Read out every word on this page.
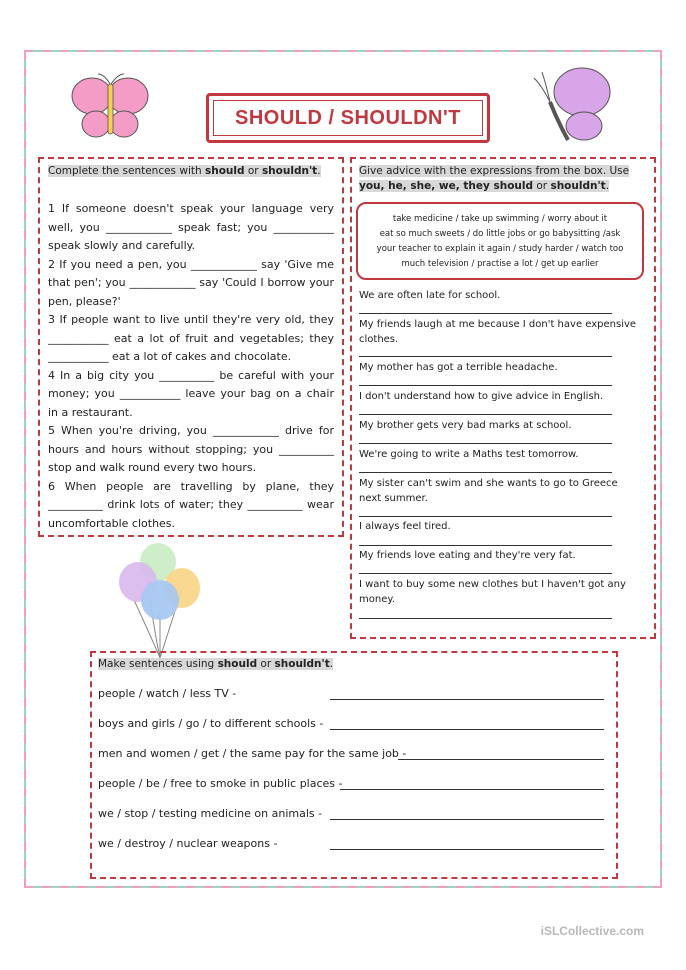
SHOULD / SHOULDN'T
Complete the sentences with should or shouldn't.

1 If someone doesn't speak your language very well, you ____________ speak fast; you ___________ speak slowly and carefully.

2 If you need a pen, you ____________ say 'Give me that pen'; you ____________ say 'Could I borrow your pen, please?'

3 If people want to live until they're very old, they ___________ eat a lot of fruit and vegetables; they ___________ eat a lot of cakes and chocolate.

4 In a big city you __________ be careful with your money; you ___________ leave your bag on a chair in a restaurant.

5 When you're driving, you ____________ drive for hours and hours without stopping; you __________ stop and walk round every two hours.

6 When people are travelling by plane, they __________ drink lots of water; they __________ wear uncomfortable clothes.

Give advice with the expressions from the box. Use
you, he, she, we, they should or shouldn't.
take medicine / take up swimming / worry about it
eat so much sweets / do little jobs or go babysitting /ask
your teacher to explain it again / study harder / watch too
much television / practise a lot / get up earlier
We are often late for school.
My friends laugh at me because I don't have expensive clothes.
My mother has got a terrible headache.
I don't understand how to give advice in English.
My brother gets very bad marks at school.
We're going to write a Maths test tomorrow.
My sister can't swim and she wants to go to Greece next summer.
I always feel tired.
My friends love eating and they're very fat.
I want to buy some new clothes but I haven't got any money.
Make sentences using should or shouldn't.
people / watch / less TV -
boys and girls / go / to different schools -
men and women / get / the same pay for the same job -
people / be / free to smoke in public places -
we / stop / testing medicine on animals -
we / destroy / nuclear weapons -
iSLCollective.com
